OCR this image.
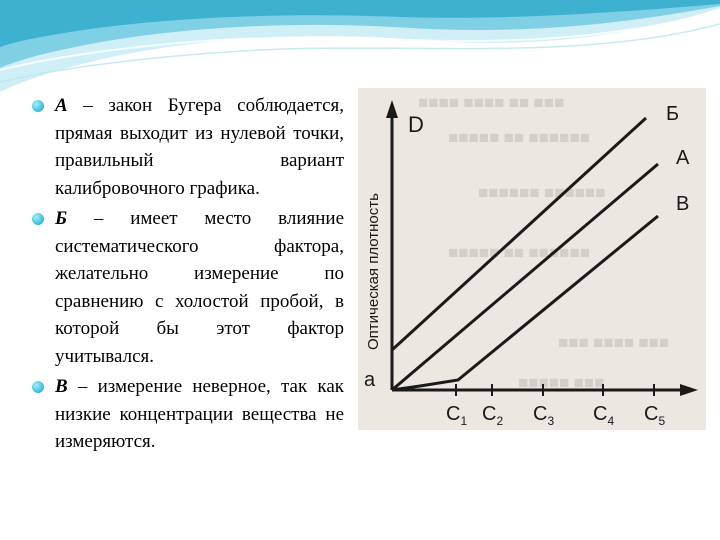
А – закон Бугера соблюдается, прямая выходит из нулевой точки, правильный вариант калибровочного графика.
Б – имеет место влияние систематического фактора, желательно измерение по сравнению с холостой пробой, в которой бы этот фактор учитывался.
В – измерение неверное, так как низкие концентрации вещества не измеряются.
■■■■ ■■■■ ■■ ■■■
■■■■■ ■■ ■■■■■■
■■■■■■ ■■■■■■
■■■■■ ■■ ■■■■■■
■■■ ■■■■ ■■■
■■■■■ ■■■
D
Оптическая плотность
a
Б
А
В
$C_1$ $C_2$ $C_3$ $C_4$ $C_5$
